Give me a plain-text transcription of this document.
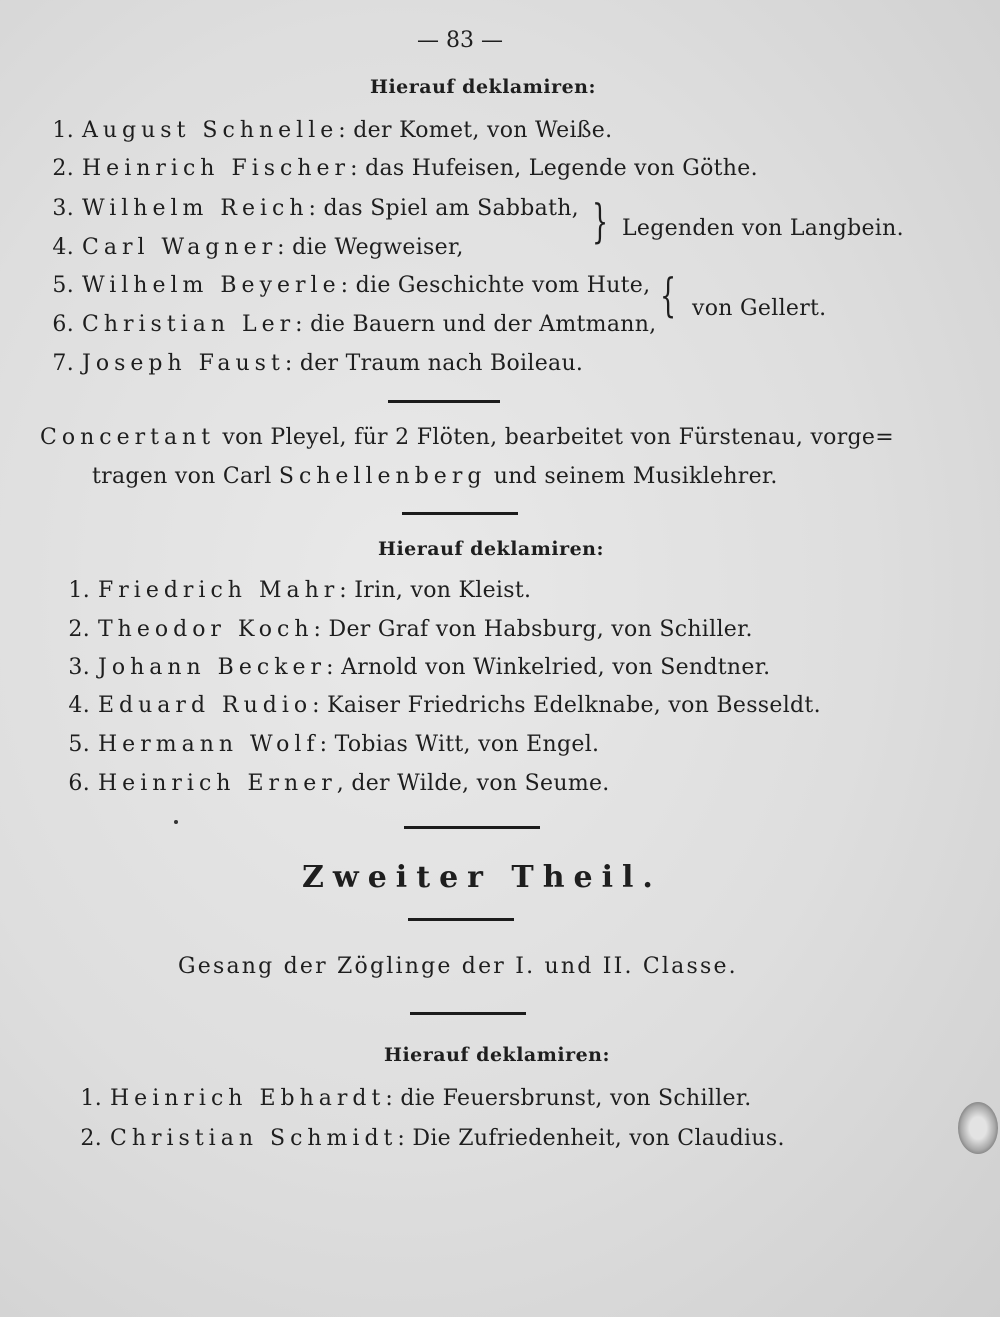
— 83 —
Hierauf deklamiren:
1. August Schnelle: der Komet, von Weiße.
2. Heinrich Fischer: das Hufeisen, Legende von Göthe.
3. Wilhelm Reich: das Spiel am Sabbath,
4. Carl Wagner: die Wegweiser,	} Legenden von Langbein.
5. Wilhelm Beyerle: die Geschichte vom Hute,
6. Christian Ler: die Bauern und der Amtmann,
{ von Gellert.
7. Joseph Faust: der Traum nach Boileau.
Concertant von Pleyel, für 2 Flöten, bearbeitet von Fürstenau, vorge=
tragen von Carl Schellenberg und seinem Musiklehrer.
Hierauf deklamiren:
1. Friedrich Mahr: Irin, von Kleist.
2. Theodor Koch: Der Graf von Habsburg, von Schiller.
3. Johann Becker: Arnold von Winkelried, von Sendtner.
4. Eduard Rudio: Kaiser Friedrichs Edelknabe, von Besseldt.
5. Hermann Wolf: Tobias Witt, von Engel.
6. Heinrich Erner, der Wilde, von Seume.
Zweiter Theil.
Gesang der Zöglinge der I. und II. Classe.
Hierauf deklamiren:
1. Heinrich Ebhardt: die Feuersbrunst, von Schiller.
2. Christian Schmidt: Die Zufriedenheit, von Claudius.
